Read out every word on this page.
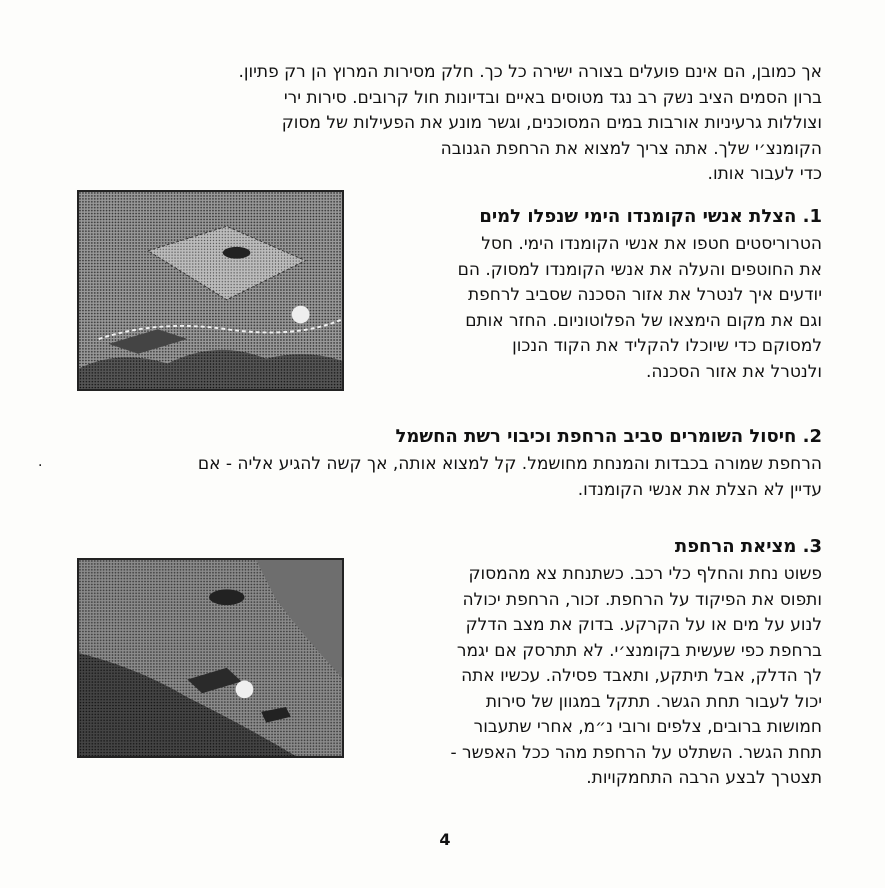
אך כמובן, הם אינם פועלים בצורה ישירה כל כך. חלק מסירות המרוץ הן רק פתיון.
ברון הסמים הציב נשק רב נגד מטוסים באיים ובדיונות חול קרובים. סירות ירי
וצוללות גרעיניות אורבות במים המסוכנים, וגשר מונע את הפעילות של מסוק
הקומנצ׳י שלך. אתה צריך למצוא את הרחפת הגנובה
כדי לעבור אותו.

1. הצלת אנשי הקומנדו הימי שנפלו למים

הטרוריסטים חטפו את אנשי הקומנדו הימי. חסל
את החוטפים והעלה את אנשי הקומנדו למסוק. הם
יודעים איך לנטרל את אזור הסכנה שסביב לרחפת
וגם את מקום הימצאו של הפלוטוניום. החזר אותם
למסוקם כדי שיוכלו להקליד את הקוד הנכון
ולנטרל את אזור הסכנה.

2. חיסול השומרים סביב הרחפת וכיבוי רשת החשמל
·	הרחפת שמורה בכבדות והמנחת מחושמל. קל למצוא אותה, אך קשה להגיע אליה - אם
עדיין לא הצלת את אנשי הקומנדו.

3. מציאת הרחפת

פשוט נחת והחלף כלי רכב. כשתנחת צא מהמסוק
ותפוס את הפיקוד על הרחפת. זכור, הרחפת יכולה
לנוע על מים או על הקרקע. בדוק את מצב הדלק
ברחפת כפי שעשית בקומנצ׳י. לא תתרסק אם יגמר
לך הדלק, אבל תיתקע, ותאבד פסילה. עכשיו אתה
יכול לעבור תחת הגשר. תתקל במגוון של סירות
חמושות ברובים, צלפים ורובי נ״מ, אחרי שתעבור
תחת הגשר. השתלט על הרחפת מהר ככל האפשר -
תצטרך לבצע הרבה התחמקויות.

4
